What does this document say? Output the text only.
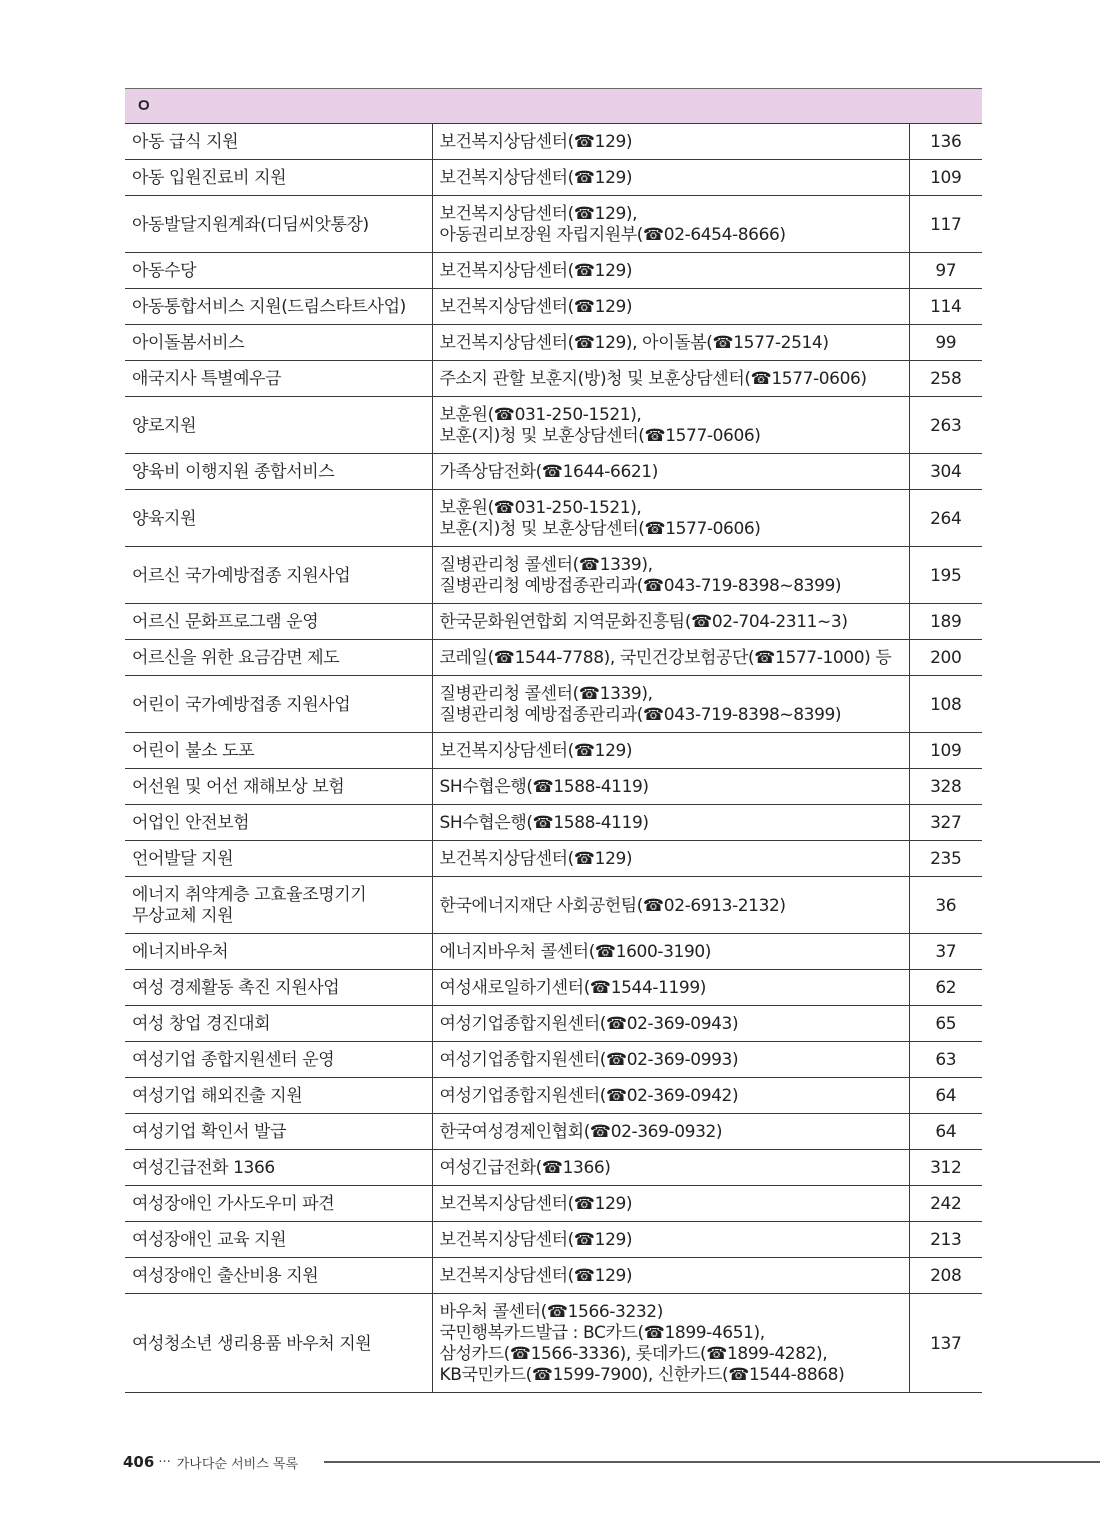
ㅇ		

아동 급식 지원	보건복지상담센터(☎129)	136

아동 입원진료비 지원	보건복지상담센터(☎129)	109

아동발달지원계좌(디딤씨앗통장)	보건복지상담센터(☎129),
아동권리보장원 자립지원부(☎02-6454-8666)	117

아동수당	보건복지상담센터(☎129)	97

아동통합서비스 지원(드림스타트사업)	보건복지상담센터(☎129)	114

아이돌봄서비스	보건복지상담센터(☎129), 아이돌봄(☎1577-2514)	99

애국지사 특별예우금	주소지 관할 보훈지(방)청 및 보훈상담센터(☎1577-0606)	258

양로지원	보훈원(☎031-250-1521),
보훈(지)청 및 보훈상담센터(☎1577-0606)	263

양육비 이행지원 종합서비스	가족상담전화(☎1644-6621)	304

양육지원	보훈원(☎031-250-1521),
보훈(지)청 및 보훈상담센터(☎1577-0606)	264

어르신 국가예방접종 지원사업	질병관리청 콜센터(☎1339),
질병관리청 예방접종관리과(☎043-719-8398~8399)	195

어르신 문화프로그램 운영	한국문화원연합회 지역문화진흥팀(☎02-704-2311~3)	189

어르신을 위한 요금감면 제도	코레일(☎1544-7788), 국민건강보험공단(☎1577-1000) 등	200

어린이 국가예방접종 지원사업	질병관리청 콜센터(☎1339),
질병관리청 예방접종관리과(☎043-719-8398~8399)	108

어린이 불소 도포	보건복지상담센터(☎129)	109

어선원 및 어선 재해보상 보험	SH수협은행(☎1588-4119)	328

어업인 안전보험	SH수협은행(☎1588-4119)	327

언어발달 지원	보건복지상담센터(☎129)	235

에너지 취약계층 고효율조명기기
무상교체 지원	한국에너지재단 사회공헌팀(☎02-6913-2132)	36

에너지바우처	에너지바우처 콜센터(☎1600-3190)	37

여성 경제활동 촉진 지원사업	여성새로일하기센터(☎1544-1199)	62

여성 창업 경진대회	여성기업종합지원센터(☎02-369-0943)	65

여성기업 종합지원센터 운영	여성기업종합지원센터(☎02-369-0993)	63

여성기업 해외진출 지원	여성기업종합지원센터(☎02-369-0942)	64

여성기업 확인서 발급	한국여성경제인협회(☎02-369-0932)	64

여성긴급전화 1366	여성긴급전화(☎1366)	312

여성장애인 가사도우미 파견	보건복지상담센터(☎129)	242

여성장애인 교육 지원	보건복지상담센터(☎129)	213

여성장애인 출산비용 지원	보건복지상담센터(☎129)	208

여성청소년 생리용품 바우처 지원	바우처 콜센터(☎1566-3232)
국민행복카드발급 : BC카드(☎1899-4651),
삼성카드(☎1566-3336), 롯데카드(☎1899-4282),
KB국민카드(☎1599-7900), 신한카드(☎1544-8868)	137
406 ··· 가나다순 서비스 목록
